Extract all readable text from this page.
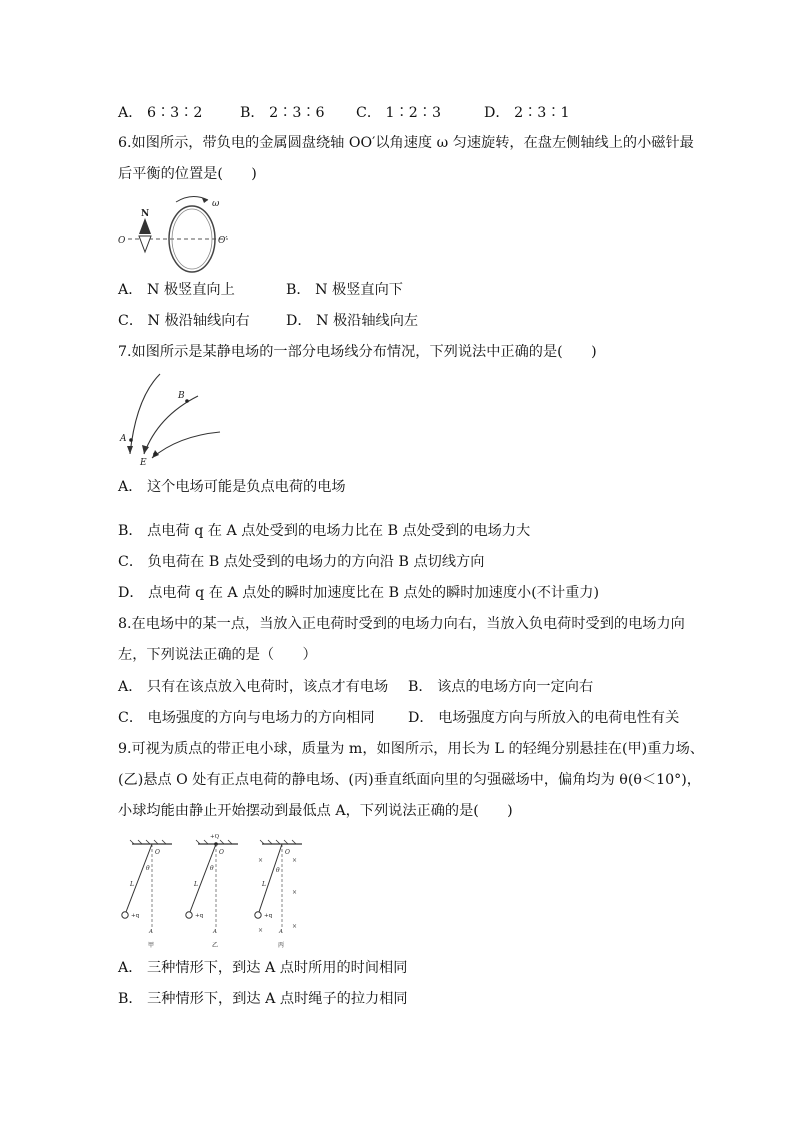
A． 6∶3∶2	B． 2∶3∶6 C． 1∶2∶3	D． 2∶3∶1
6.如图所示，带负电的金属圆盘绕轴 OO′以角速度 ω 匀速旋转，在盘左侧轴线上的小磁针最
后平衡的位置是(　　)
N
O	O′
ω
A． N 极竖直向上	B． N 极竖直向下
C． N 极沿轴线向右	D． N 极沿轴线向左
7.如图所示是某静电场的一部分电场线分布情况，下列说法中正确的是(　　)
A
B
E
A． 这个电场可能是负点电荷的电场
B． 点电荷 q 在 A 点处受到的电场力比在 B 点处受到的电场力大
C． 负电荷在 B 点处受到的电场力的方向沿 B 点切线方向
D． 点电荷 q 在 A 点处的瞬时加速度比在 B 点处的瞬时加速度小(不计重力)
8.在电场中的某一点，当放入正电荷时受到的电场力向右，当放入负电荷时受到的电场力向
左，下列说法正确的是（　　）
A． 只有在该点放入电荷时，该点才有电场 B． 该点的电场方向一定向右
C． 电场强度的方向与电场力的方向相同 D． 电场强度方向与所放入的电荷电性有关
9.可视为质点的带正电小球，质量为 m，如图所示，用长为 L 的轻绳分别悬挂在(甲)重力场、
(乙)悬点 O 处有正点电荷的静电场、(丙)垂直纸面向里的匀强磁场中，偏角均为 θ(θ＜10°)，
小球均能由静止开始摆动到最低点 A，下列说法正确的是(　　)
O
θ
L
+q
A
甲
+Q
O
θ
L
+q
A
乙
×	×
×
×
×
O
θ
L
+q
A
丙
A． 三种情形下，到达 A 点时所用的时间相同
B． 三种情形下，到达 A 点时绳子的拉力相同
